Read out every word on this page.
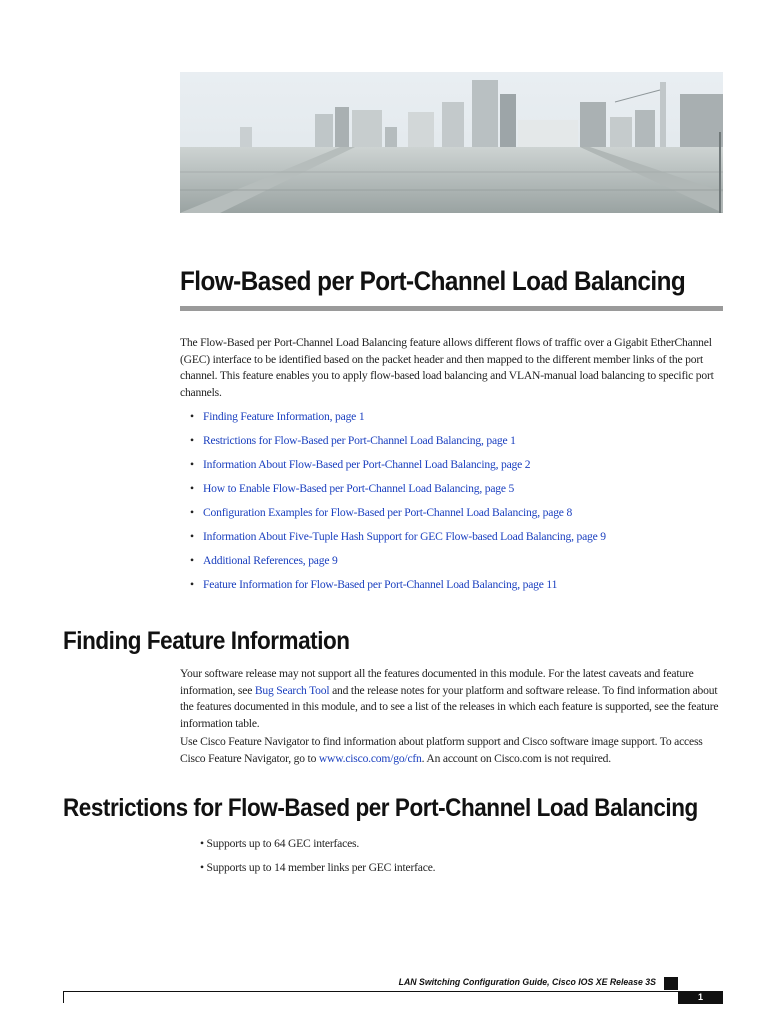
Flow-Based per Port-Channel Load Balancing

The Flow-Based per Port-Channel Load Balancing feature allows different flows of traffic over a Gigabit EtherChannel (GEC) interface to be identified based on the packet header and then mapped to the different member links of the port channel. This feature enables you to apply flow-based load balancing and VLAN-manual load balancing to specific port channels.

• Finding Feature Information, page 1
• Restrictions for Flow-Based per Port-Channel Load Balancing, page 1
• Information About Flow-Based per Port-Channel Load Balancing, page 2
• How to Enable Flow-Based per Port-Channel Load Balancing, page 5
• Configuration Examples for Flow-Based per Port-Channel Load Balancing, page 8
• Information About Five-Tuple Hash Support for GEC Flow-based Load Balancing, page 9
• Additional References, page 9
• Feature Information for Flow-Based per Port-Channel Load Balancing, page 11
Finding Feature Information

Your software release may not support all the features documented in this module. For the latest caveats and feature information, see Bug Search Tool and the release notes for your platform and software release. To find information about the features documented in this module, and to see a list of the releases in which each feature is supported, see the feature information table.

Use Cisco Feature Navigator to find information about platform support and Cisco software image support. To access Cisco Feature Navigator, go to www.cisco.com/go/cfn. An account on Cisco.com is not required.

Restrictions for Flow-Based per Port-Channel Load Balancing
• Supports up to 64 GEC interfaces.
• Supports up to 14 member links per GEC interface.
LAN Switching Configuration Guide, Cisco IOS XE Release 3S
1
